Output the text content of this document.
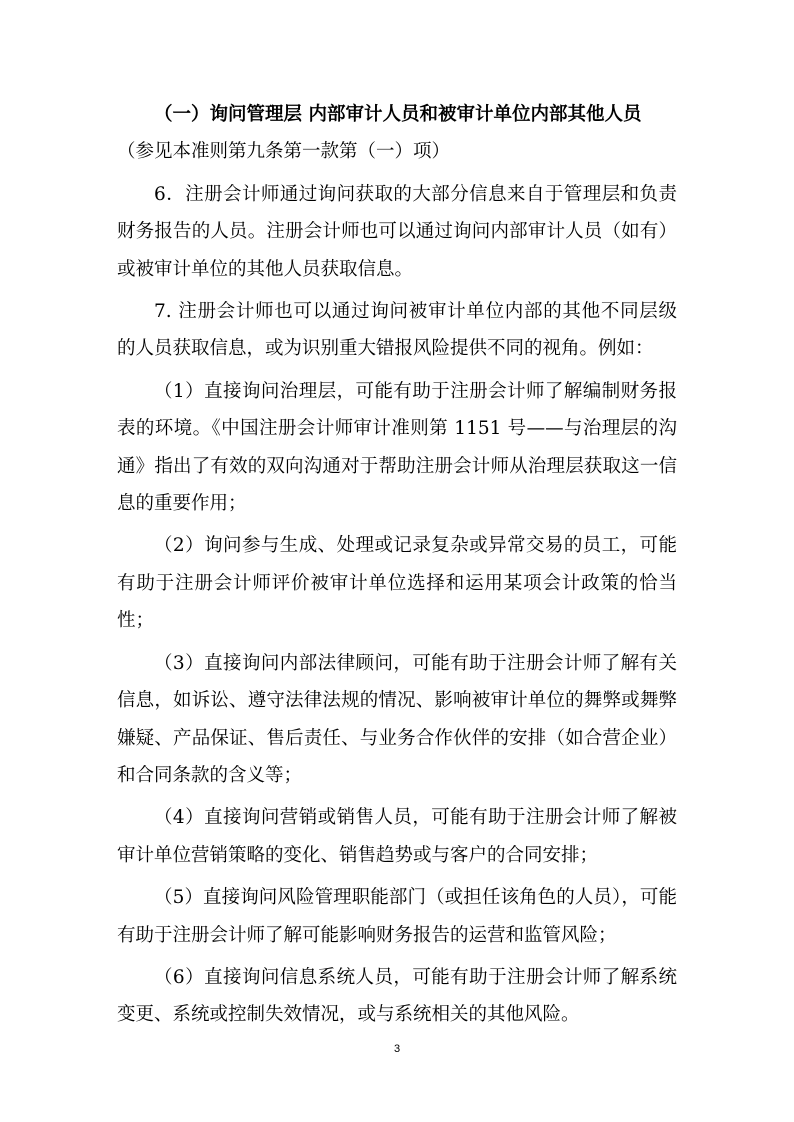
（一）询问管理层 内部审计人员和被审计单位内部其他人员（参见本准则第九条第一款第（一）项）

6．注册会计师通过询问获取的大部分信息来自于管理层和负责财务报告的人员。注册会计师也可以通过询问内部审计人员（如有）或被审计单位的其他人员获取信息。

7. 注册会计师也可以通过询问被审计单位内部的其他不同层级的人员获取信息，或为识别重大错报风险提供不同的视角。例如：

（1）直接询问治理层，可能有助于注册会计师了解编制财务报表的环境。《中国注册会计师审计准则第 1151 号——与治理层的沟通》指出了有效的双向沟通对于帮助注册会计师从治理层获取这一信息的重要作用；

（2）询问参与生成、处理或记录复杂或异常交易的员工，可能有助于注册会计师评价被审计单位选择和运用某项会计政策的恰当性；

（3）直接询问内部法律顾问，可能有助于注册会计师了解有关信息，如诉讼、遵守法律法规的情况、影响被审计单位的舞弊或舞弊嫌疑、产品保证、售后责任、与业务合作伙伴的安排（如合营企业）和合同条款的含义等；

（4）直接询问营销或销售人员，可能有助于注册会计师了解被审计单位营销策略的变化、销售趋势或与客户的合同安排；

（5）直接询问风险管理职能部门（或担任该角色的人员），可能有助于注册会计师了解可能影响财务报告的运营和监管风险；

（6）直接询问信息系统人员，可能有助于注册会计师了解系统变更、系统或控制失效情况，或与系统相关的其他风险。

3
